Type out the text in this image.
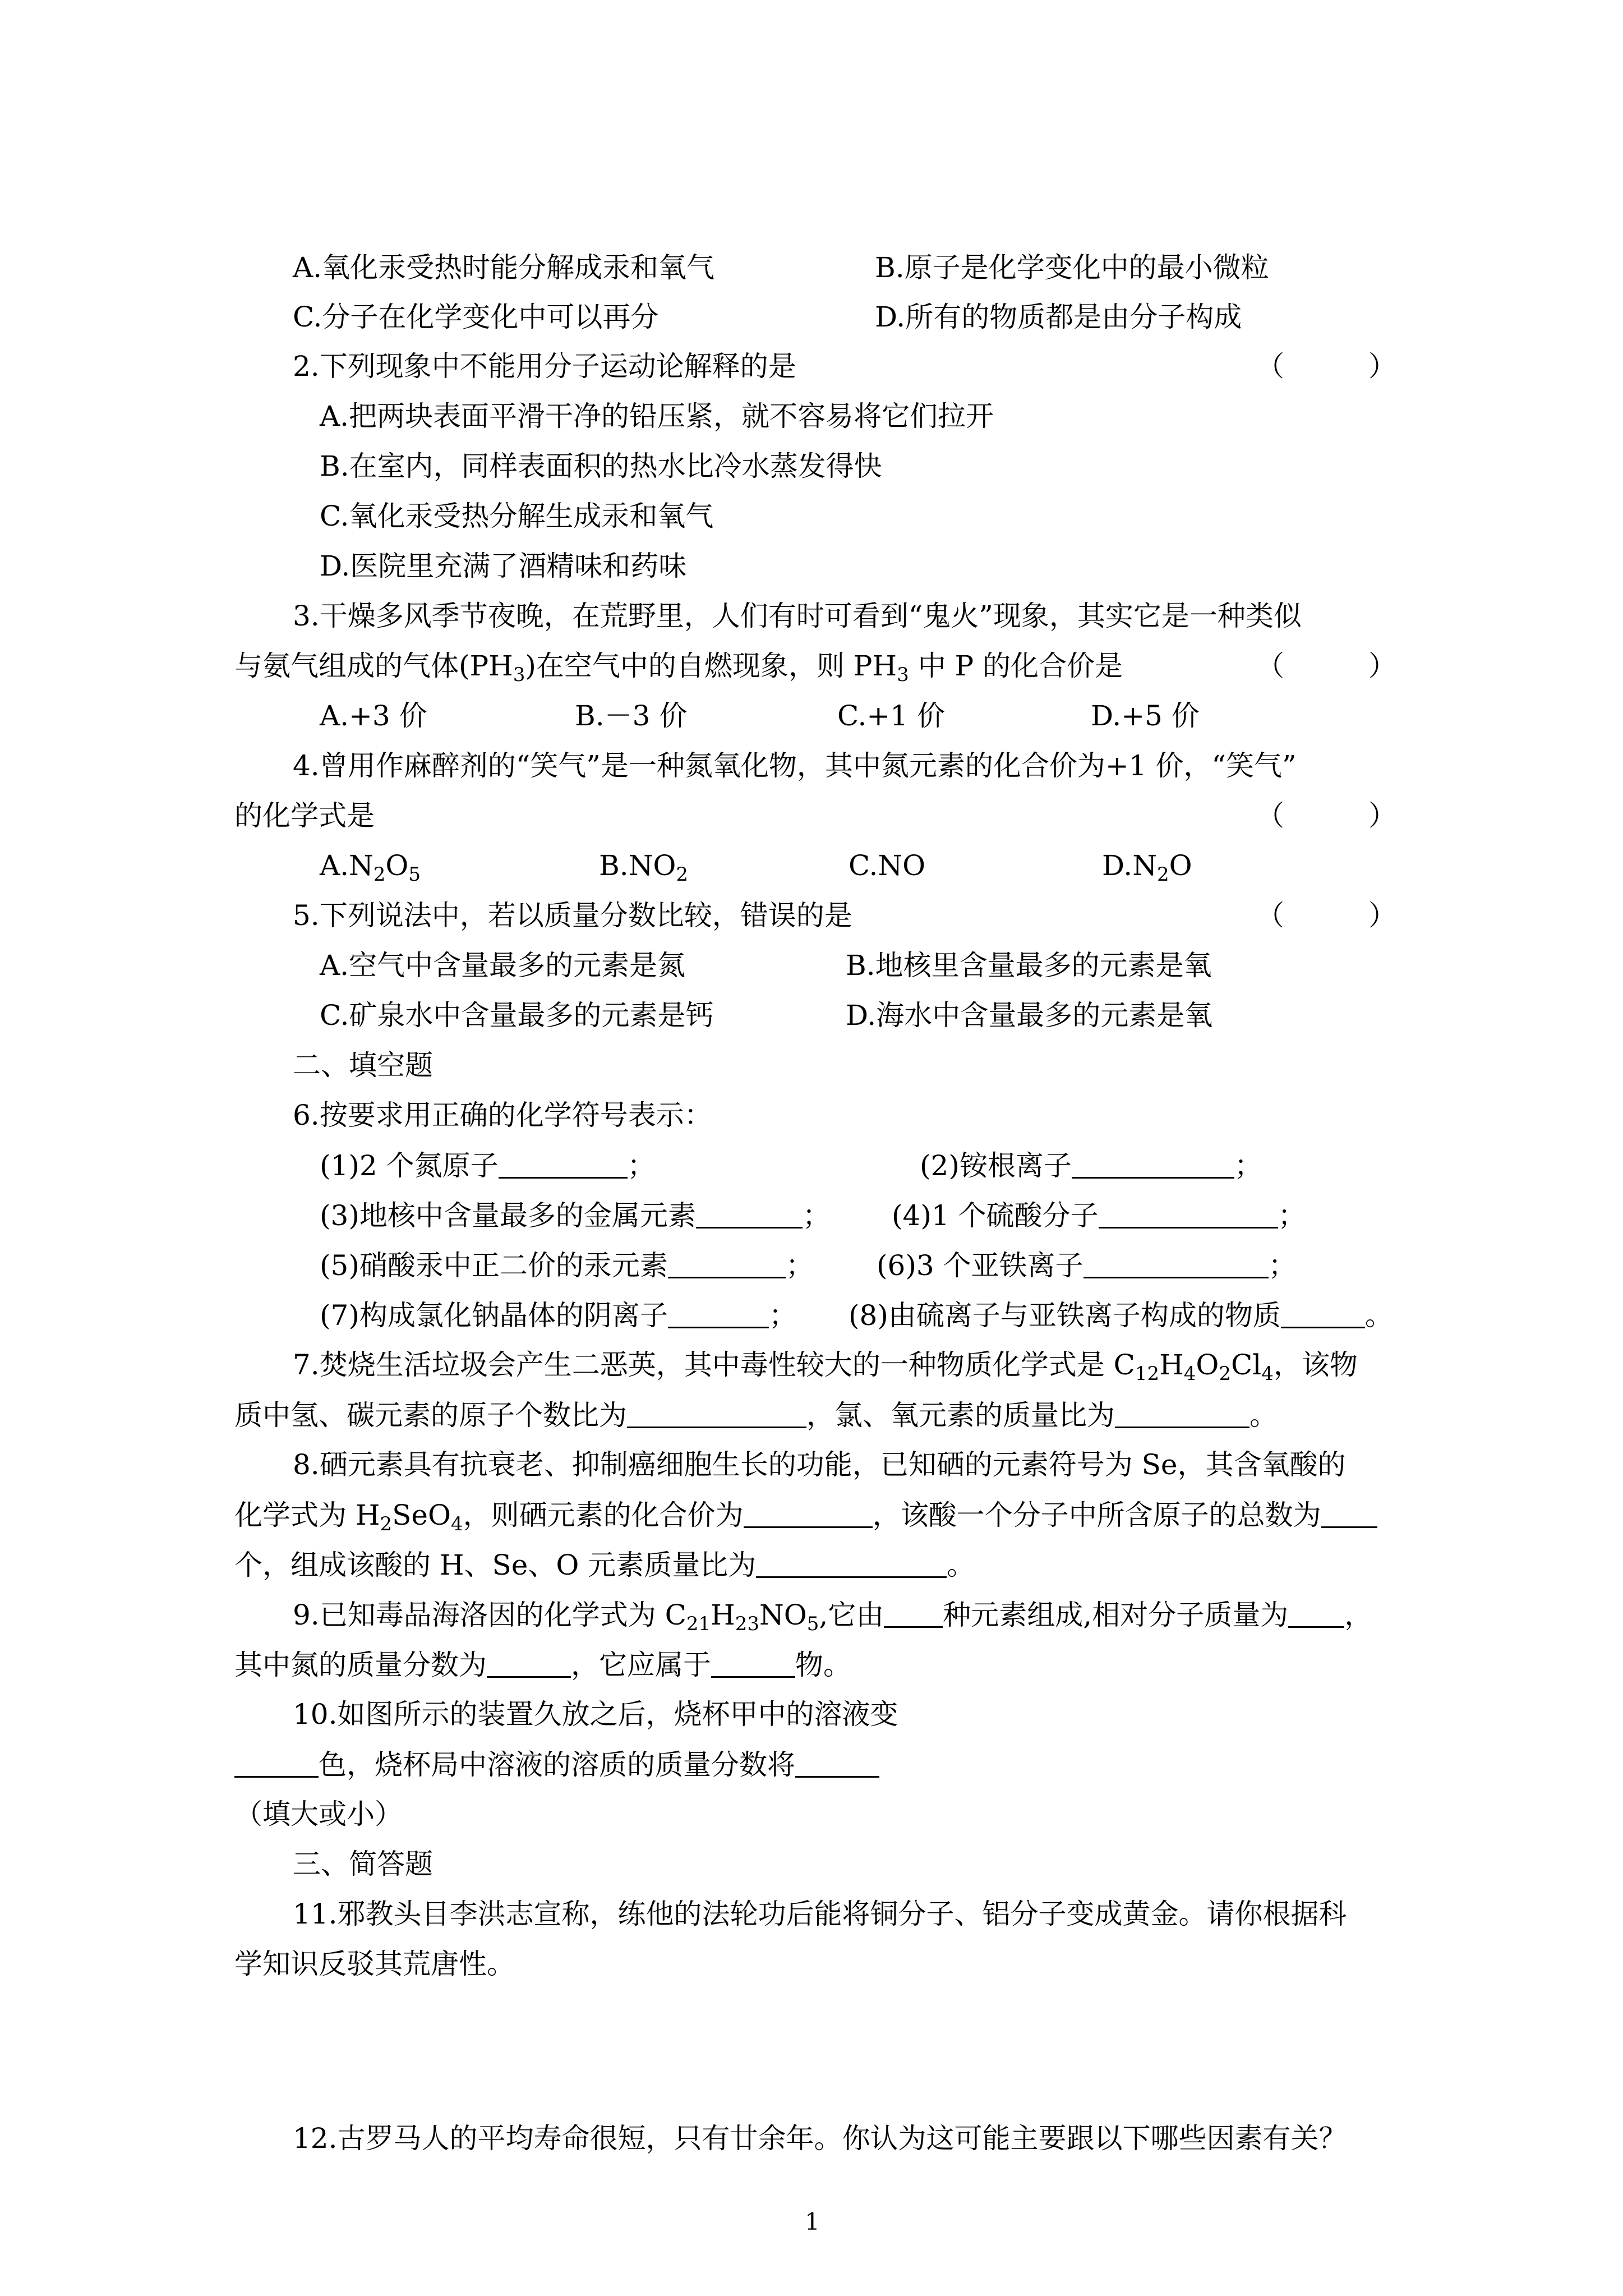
A.氧化汞受热时能分解成汞和氧气	B.原子是化学变化中的最小微粒
C.分子在化学变化中可以再分	D.所有的物质都是由分子构成
2.下列现象中不能用分子运动论解释的是	（　　　）
A.把两块表面平滑干净的铅压紧，就不容易将它们拉开
B.在室内，同样表面积的热水比冷水蒸发得快
C.氧化汞受热分解生成汞和氧气
D.医院里充满了酒精味和药味
3.干燥多风季节夜晚，在荒野里，人们有时可看到“鬼火”现象，其实它是一种类似
与氨气组成的气体$(PH_3)$在空气中的自燃现象，则 $PH_3$ 中 P 的化合价是	（　　　）
A.+3 价	B.－3 价	C.+1 价	D.+5 价
4.曾用作麻醉剂的“笑气”是一种氮氧化物，其中氮元素的化合价为+1 价，“笑气”
的化学式是	（　　　）
$A.N_2O_5$	$B.NO_2$	C.NO	$D.N_2O$
5.下列说法中，若以质量分数比较，错误的是	（　　　）
A.空气中含量最多的元素是氮	B.地核里含量最多的元素是氧
C.矿泉水中含量最多的元素是钙	D.海水中含量最多的元素是氧
二、填空题
6.按要求用正确的化学符号表示：
(1)2 个氮原子	；	(2)铵根离子	；
(3)地核中含量最多的金属元素	； (4)1 个硫酸分子	；
(5)硝酸汞中正二价的汞元素	； (6)3 个亚铁离子	；
(7)构成氯化钠晶体的阴离子	； (8)由硫离子与亚铁离子构成的物质	。
7.焚烧生活垃圾会产生二恶英，其中毒性较大的一种物质化学式是 $C_{12}H_4O_2Cl_4$，该物
质中氢、碳元素的原子个数比为	，氯、氧元素的质量比为	。
8.硒元素具有抗衰老、抑制癌细胞生长的功能，已知硒的元素符号为 Se，其含氧酸的
化学式为 $H_2SeO_4$，则硒元素的化合价为	，该酸一个分子中所含原子的总数为
个，组成该酸的 H、Se、O 元素质量比为	。
9.已知毒品海洛因的化学式为 $C_{21}H_{23}NO_5$,它由 种元素组成,相对分子质量为 ，
其中氮的质量分数为	，它应属于	物。
10.如图所示的装置久放之后，烧杯甲中的溶液变
色，烧杯局中溶液的溶质的质量分数将
（填大或小）
三、简答题
11.邪教头目李洪志宣称，练他的法轮功后能将铜分子、铝分子变成黄金。请你根据科
学知识反驳其荒唐性。
12.古罗马人的平均寿命很短，只有廿余年。你认为这可能主要跟以下哪些因素有关？
1
